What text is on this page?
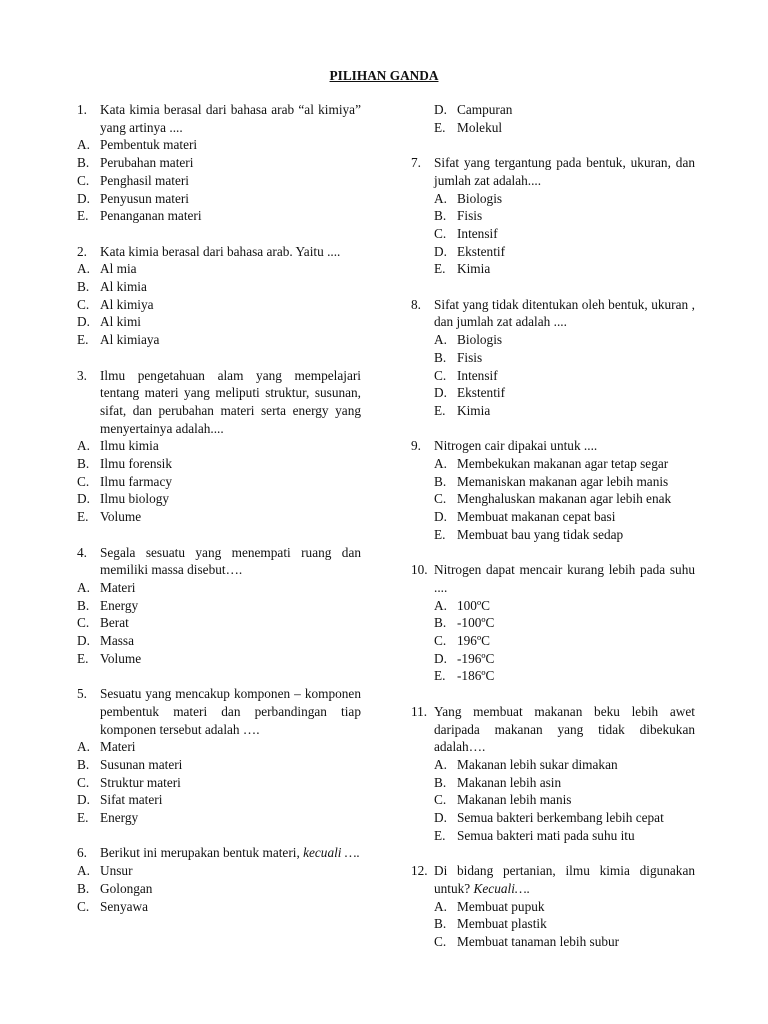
PILIHAN GANDA
1. Kata kimia berasal dari bahasa arab “al kimiya” yang artinya ....
A. Pembentuk materi
B. Perubahan materi
C. Penghasil materi
D. Penyusun materi
E. Penanganan materi
2. Kata kimia berasal dari bahasa arab. Yaitu ....
A. Al mia
B. Al kimia
C. Al kimiya
D. Al kimi
E. Al kimiaya
3. Ilmu pengetahuan alam yang mempelajari tentang materi yang meliputi struktur, susunan, sifat, dan perubahan materi serta energy yang menyertainya adalah....
A. Ilmu kimia
B. Ilmu forensik
C. Ilmu farmacy
D. Ilmu biology
E. Volume
4. Segala sesuatu yang menempati ruang dan memiliki massa disebut….
A. Materi
B. Energy
C. Berat
D. Massa
E. Volume
5. Sesuatu yang mencakup komponen – komponen pembentuk materi dan perbandingan tiap komponen tersebut adalah ….
A. Materi
B. Susunan materi
C. Struktur materi
D. Sifat materi
E. Energy
6. Berikut ini merupakan bentuk materi, kecuali ….
A. Unsur
B. Golongan
C. Senyawa
D. Campuran
E. Molekul
7. Sifat yang tergantung pada bentuk, ukuran, dan jumlah zat adalah....
A. Biologis
B. Fisis
C. Intensif
D. Ekstentif
E. Kimia
8. Sifat yang tidak ditentukan oleh bentuk, ukuran , dan jumlah zat adalah ....
A. Biologis
B. Fisis
C. Intensif
D. Ekstentif
E. Kimia
9. Nitrogen cair dipakai untuk ....
A. Membekukan makanan agar tetap segar
B. Memaniskan makanan agar lebih manis
C. Menghaluskan makanan agar lebih enak
D. Membuat makanan cepat basi
E. Membuat bau yang tidak sedap
10. Nitrogen dapat mencair kurang lebih pada suhu ....
A. 100ºC
B. -100ºC
C. 196ºC
D. -196ºC
E. -186ºC
11. Yang membuat makanan beku lebih awet daripada makanan yang tidak dibekukan adalah….
A. Makanan lebih sukar dimakan
B. Makanan lebih asin
C. Makanan lebih manis
D. Semua bakteri berkembang lebih cepat
E. Semua bakteri mati pada suhu itu
12. Di bidang pertanian, ilmu kimia digunakan untuk? Kecuali….
A. Membuat pupuk
B. Membuat plastik
C. Membuat tanaman lebih subur
